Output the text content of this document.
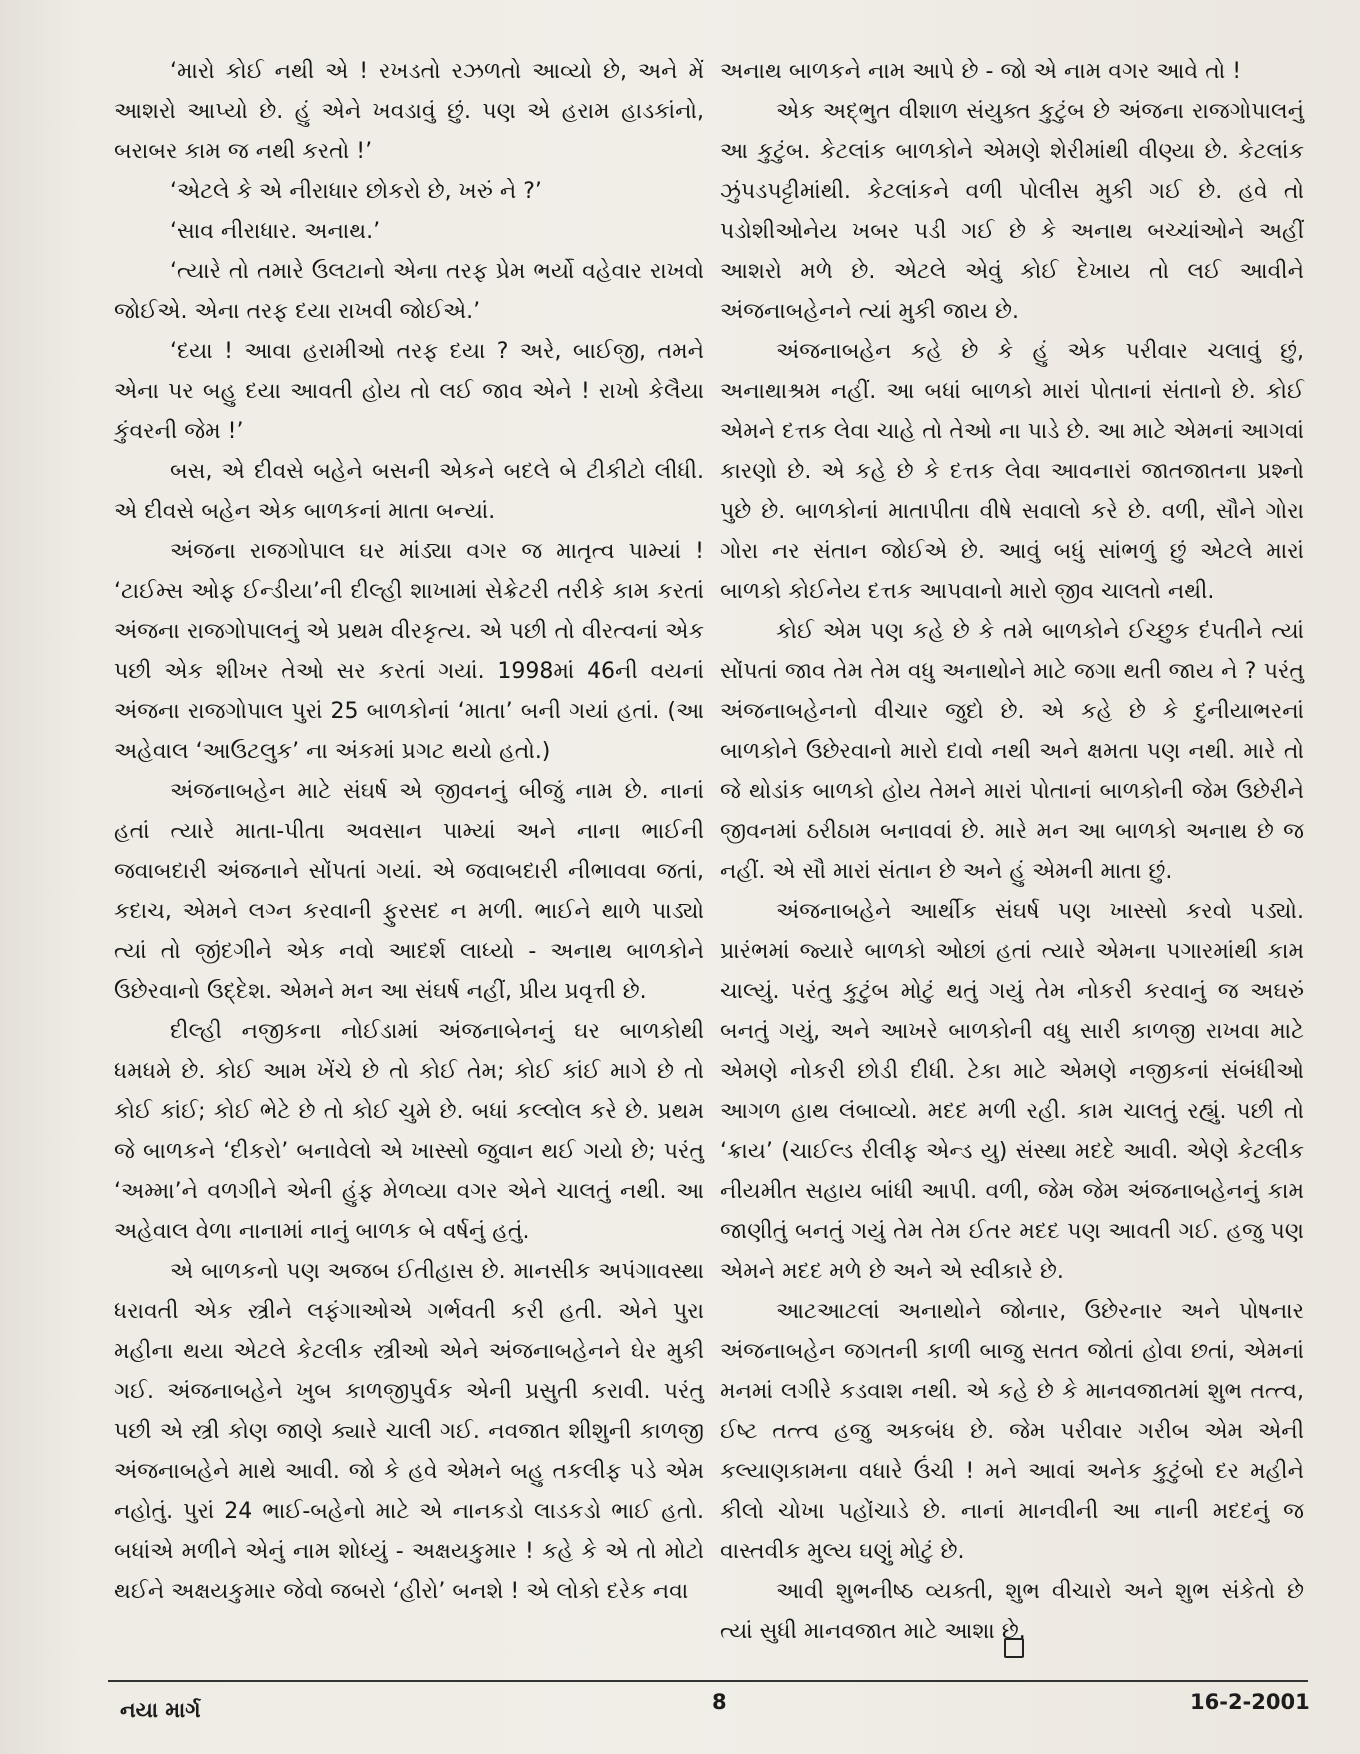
‘મારો કોઈ નથી એ ! રખડતો રઝળતો આવ્યો છે, અને મેં આશરો આપ્યો છે. હું એને ખવડાવું છું. પણ એ હરામ હાડકાંનો, બરાબર કામ જ નથી કરતો !’

‘એટલે કે એ નીરાધાર છોકરો છે, ખરું ને ?’

‘સાવ નીરાધાર. અનાથ.’

‘ત્યારે તો તમારે ઉલટાનો એના તરફ પ્રેમ ભર્યો વહેવાર રાખવો જોઈએ. એના તરફ દયા રાખવી જોઈએ.’

‘દયા ! આવા હરામીઓ તરફ દયા ? અરે, બાઈજી, તમને એના પર બહુ દયા આવતી હોય તો લઈ જાવ એને ! રાખો કેલૈયા કુંવરની જેમ !’

બસ, એ દીવસે બહેને બસની એકને બદલે બે ટીકીટો લીધી. એ દીવસે બહેન એક બાળકનાં માતા બન્યાં.

અંજના રાજગોપાલ ઘર માંડ્યા વગર જ માતૃત્વ પામ્યાં ! ‘ટાઈમ્સ ઓફ ઈન્ડીયા’ની દીલ્હી શાખામાં સેક્રેટરી તરીકે કામ કરતાં અંજના રાજગોપાલનું એ પ્રથમ વીરકૃત્ય. એ પછી તો વીરત્વનાં એક પછી એક શીખર તેઓ સર કરતાં ગયાં. 1998માં 46ની વયનાં અંજના રાજગોપાલ પુરાં 25 બાળકોનાં ‘માતા’ બની ગયાં હતાં. (આ અહેવાલ ‘આઉટલુક’ ના અંકમાં પ્રગટ થયો હતો.)

અંજનાબહેન માટે સંઘર્ષ એ જીવનનું બીજું નામ છે. નાનાં હતાં ત્યારે માતા-પીતા અવસાન પામ્યાં અને નાના ભાઈની જવાબદારી અંજનાને સોંપતાં ગયાં. એ જવાબદારી નીભાવવા જતાં, કદાચ, એમને લગ્ન કરવાની ફુરસદ ન મળી. ભાઈને થાળે પાડ્યો ત્યાં તો જીંદગીને એક નવો આદર્શ લાધ્યો - અનાથ બાળકોને ઉછેરવાનો ઉદ્દેશ. એમને મન આ સંઘર્ષ નહીં, પ્રીય પ્રવૃત્તી છે.

દીલ્હી નજીકના નોઈડામાં અંજનાબેનનું ઘર બાળકોથી ધમધમે છે. કોઈ આમ ખેંચે છે તો કોઈ તેમ; કોઈ કાંઈ માગે છે તો કોઈ કાંઈ; કોઈ ભેટે છે તો કોઈ ચુમે છે. બધાં કલ્લોલ કરે છે. પ્રથમ જે બાળકને ‘દીકરો’ બનાવેલો એ ખાસ્સો જુવાન થઈ ગયો છે; પરંતુ ‘અમ્મા’ને વળગીને એની હુંફ મેળવ્યા વગર એને ચાલતું નથી. આ અહેવાલ વેળા નાનામાં નાનું બાળક બે વર્ષનું હતું.

એ બાળકનો પણ અજબ ઈતીહાસ છે. માનસીક અપંગાવસ્થા ધરાવતી એક સ્ત્રીને લફંગાઓએ ગર્ભવતી કરી હતી. એને પુરા મહીના થયા એટલે કેટલીક સ્ત્રીઓ એને અંજનાબહેનને ઘેર મુકી ગઈ. અંજનાબહેને ખુબ કાળજીપુર્વક એની પ્રસુતી કરાવી. પરંતુ પછી એ સ્ત્રી કોણ જાણે ક્યારે ચાલી ગઈ. નવજાત શીશુની કાળજી અંજનાબહેને માથે આવી. જો કે હવે એમને બહુ તકલીફ પડે એમ નહોતું. પુરાં 24 ભાઈ-બહેનો માટે એ નાનકડો લાડકડો ભાઈ હતો. બધાંએ મળીને એનું નામ શોધ્યું - અક્ષયકુમાર ! કહે કે એ તો મોટો થઈને અક્ષયકુમાર જેવો જબરો ‘હીરો’ બનશે ! એ લોકો દરેક નવા

અનાથ બાળકને નામ આપે છે - જો એ નામ વગર આવે તો !

એક અદ્ભુત વીશાળ સંયુક્ત કુટુંબ છે અંજના રાજગોપાલનું આ કુટુંબ. કેટલાંક બાળકોને એમણે શેરીમાંથી વીણ્યા છે. કેટલાંક ઝુંપડપટ્ટીમાંથી. કેટલાંકને વળી પોલીસ મુકી ગઈ છે. હવે તો પડોશીઓનેય ખબર પડી ગઈ છે કે અનાથ બચ્ચાંઓને અહીં આશરો મળે છે. એટલે એવું કોઈ દેખાય તો લઈ આવીને અંજનાબહેનને ત્યાં મુકી જાય છે.

અંજનાબહેન કહે છે કે હું એક પરીવાર ચલાવું છું, અનાથાશ્રમ નહીં. આ બધાં બાળકો મારાં પોતાનાં સંતાનો છે. કોઈ એમને દત્તક લેવા ચાહે તો તેઓ ના પાડે છે. આ માટે એમનાં આગવાં કારણો છે. એ કહે છે કે દત્તક લેવા આવનારાં જાતજાતના પ્રશ્નો પુછે છે. બાળકોનાં માતાપીતા વીષે સવાલો કરે છે. વળી, સૌને ગોરા ગોરા નર સંતાન જોઈએ છે. આવું બધું સાંભળું છું એટલે મારાં બાળકો કોઈનેય દત્તક આપવાનો મારો જીવ ચાલતો નથી.

કોઈ એમ પણ કહે છે કે તમે બાળકોને ઈચ્છુક દંપતીને ત્યાં સોંપતાં જાવ તેમ તેમ વધુ અનાથોને માટે જગા થતી જાય ને ? પરંતુ અંજનાબહેનનો વીચાર જુદો છે. એ કહે છે કે દુનીયાભરનાં બાળકોને ઉછેરવાનો મારો દાવો નથી અને ક્ષમતા પણ નથી. મારે તો જે થોડાંક બાળકો હોય તેમને મારાં પોતાનાં બાળકોની જેમ ઉછેરીને જીવનમાં ઠરીઠામ બનાવવાં છે. મારે મન આ બાળકો અનાથ છે જ નહીં. એ સૌ મારાં સંતાન છે અને હું એમની માતા છું.

અંજનાબહેને આર્થીક સંઘર્ષ પણ ખાસ્સો કરવો પડ્યો. પ્રારંભમાં જ્યારે બાળકો ઓછાં હતાં ત્યારે એમના પગારમાંથી કામ ચાલ્યું. પરંતુ કુટુંબ મોટું થતું ગયું તેમ નોકરી કરવાનું જ અઘરું બનતું ગયું, અને આખરે બાળકોની વધુ સારી કાળજી રાખવા માટે એમણે નોકરી છોડી દીધી. ટેકા માટે એમણે નજીકનાં સંબંધીઓ આગળ હાથ લંબાવ્યો. મદદ મળી રહી. કામ ચાલતું રહ્યું. પછી તો ‘ક્રાય’ (ચાઈલ્ડ રીલીફ એન્ડ યુ) સંસ્થા મદદે આવી. એણે કેટલીક નીયમીત સહાય બાંધી આપી. વળી, જેમ જેમ અંજનાબહેનનું કામ જાણીતું બનતું ગયું તેમ તેમ ઈતર મદદ પણ આવતી ગઈ. હજુ પણ એમને મદદ મળે છે અને એ સ્વીકારે છે.

આટઆટલાં અનાથોને જોનાર, ઉછેરનાર અને પોષનાર અંજનાબહેન જગતની કાળી બાજુ સતત જોતાં હોવા છતાં, એમનાં મનમાં લગીરે કડવાશ નથી. એ કહે છે કે માનવજાતમાં શુભ તત્ત્વ, ઈષ્ટ તત્ત્વ હજુ અકબંધ છે. જેમ પરીવાર ગરીબ એમ એની કલ્યાણકામના વધારે ઉંચી ! મને આવાં અનેક કુટુંબો દર મહીને કીલો ચોખા પહોંચાડે છે. નાનાં માનવીની આ નાની મદદનું જ વાસ્તવીક મુલ્ય ઘણું મોટું છે.

આવી શુભનીષ્ઠ વ્યક્તી, શુભ વીચારો અને શુભ સંકેતો છે ત્યાં સુધી માનવજાત માટે આશા છે.

નયા માર્ગ	8	16-2-2001
